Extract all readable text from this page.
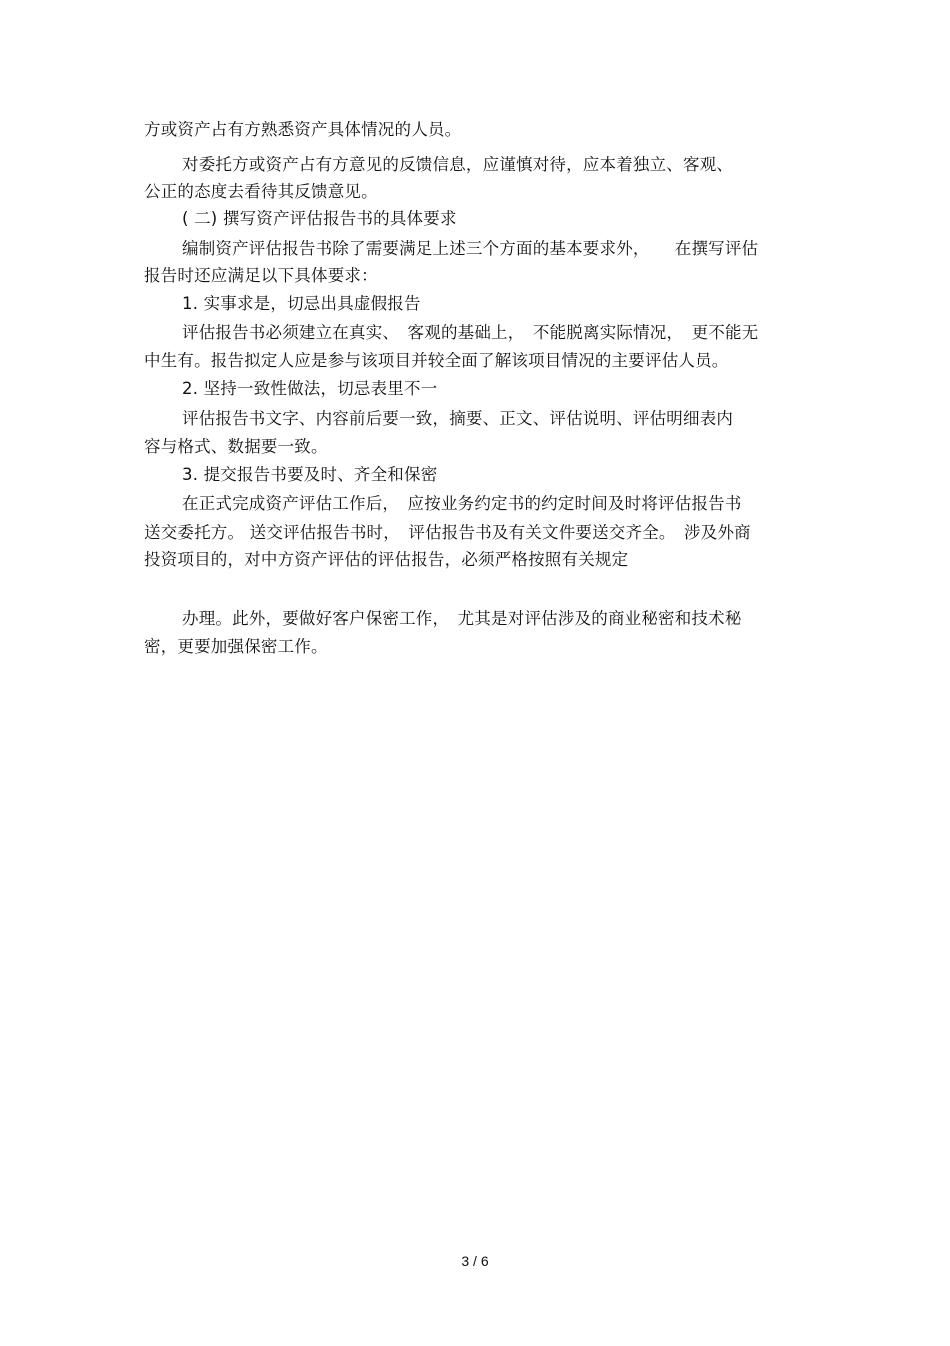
方或资产占有方熟悉资产具体情况的人员。
对委托方或资产占有方意见的反馈信息，应谨慎对待，应本着独立、客观、
公正的态度去看待其反馈意见。
( 二) 撰写资产评估报告书的具体要求
编制资产评估报告书除了需要满足上述三个方面的基本要求外，　　在撰写评估
报告时还应满足以下具体要求：
1. 实事求是，切忌出具虚假报告
评估报告书必须建立在真实、　客观的基础上，　不能脱离实际情况，　更不能无
中生有。报告拟定人应是参与该项目并较全面了解该项目情况的主要评估人员。
2. 坚持一致性做法，切忌表里不一
评估报告书文字、内容前后要一致，摘要、正文、评估说明、评估明细表内
容与格式、数据要一致。
3. 提交报告书要及时、齐全和保密
在正式完成资产评估工作后，　应按业务约定书的约定时间及时将评估报告书
送交委托方。 送交评估报告书时，　评估报告书及有关文件要送交齐全。　涉及外商
投资项目的，对中方资产评估的评估报告，必须严格按照有关规定
办理。此外，要做好客户保密工作，　尤其是对评估涉及的商业秘密和技术秘
密，更要加强保密工作。
3 / 6
